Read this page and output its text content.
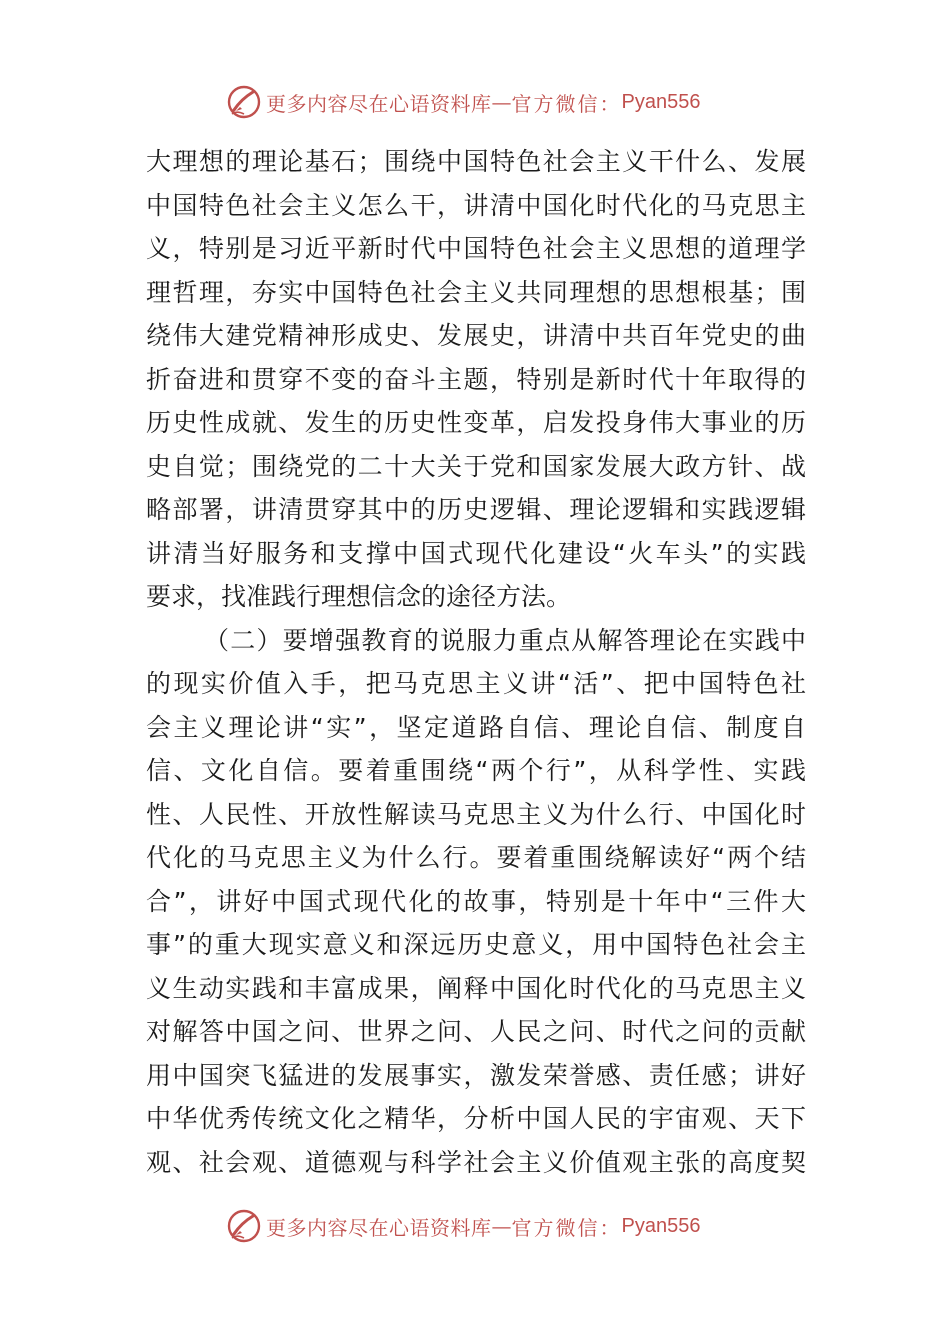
更多内容尽在心语资料库 — 官方微信： Pyan556
大理想的理论基石；围绕中国特色社会主义干什么、发展
中国特色社会主义怎么干，讲清中国化时代化的马克思主
义，特别是习近平新时代中国特色社会主义思想的道理学
理哲理，夯实中国特色社会主义共同理想的思想根基；围
绕伟大建党精神形成史、发展史，讲清中共百年党史的曲
折奋进和贯穿不变的奋斗主题，特别是新时代十年取得的
历史性成就、发生的历史性变革，启发投身伟大事业的历
史自觉；围绕党的二十大关于党和国家发展大政方针、战
略部署，讲清贯穿其中的历史逻辑、理论逻辑和实践逻辑
讲清当好服务和支撑中国式现代化建设“火车头”的实践
要求，找准践行理想信念的途径方法。
（二）要增强教育的说服力重点从解答理论在实践中
的现实价值入手，把马克思主义讲“活”、把中国特色社
会主义理论讲“实”，坚定道路自信、理论自信、制度自
信、文化自信。要着重围绕“两个行”，从科学性、实践
性、人民性、开放性解读马克思主义为什么行、中国化时
代化的马克思主义为什么行。要着重围绕解读好“两个结
合”，讲好中国式现代化的故事，特别是十年中“三件大
事”的重大现实意义和深远历史意义，用中国特色社会主
义生动实践和丰富成果，阐释中国化时代化的马克思主义
对解答中国之问、世界之问、人民之问、时代之问的贡献
用中国突飞猛进的发展事实，激发荣誉感、责任感；讲好
中华优秀传统文化之精华，分析中国人民的宇宙观、天下
观、社会观、道德观与科学社会主义价值观主张的高度契
更多内容尽在心语资料库 — 官方微信： Pyan556
